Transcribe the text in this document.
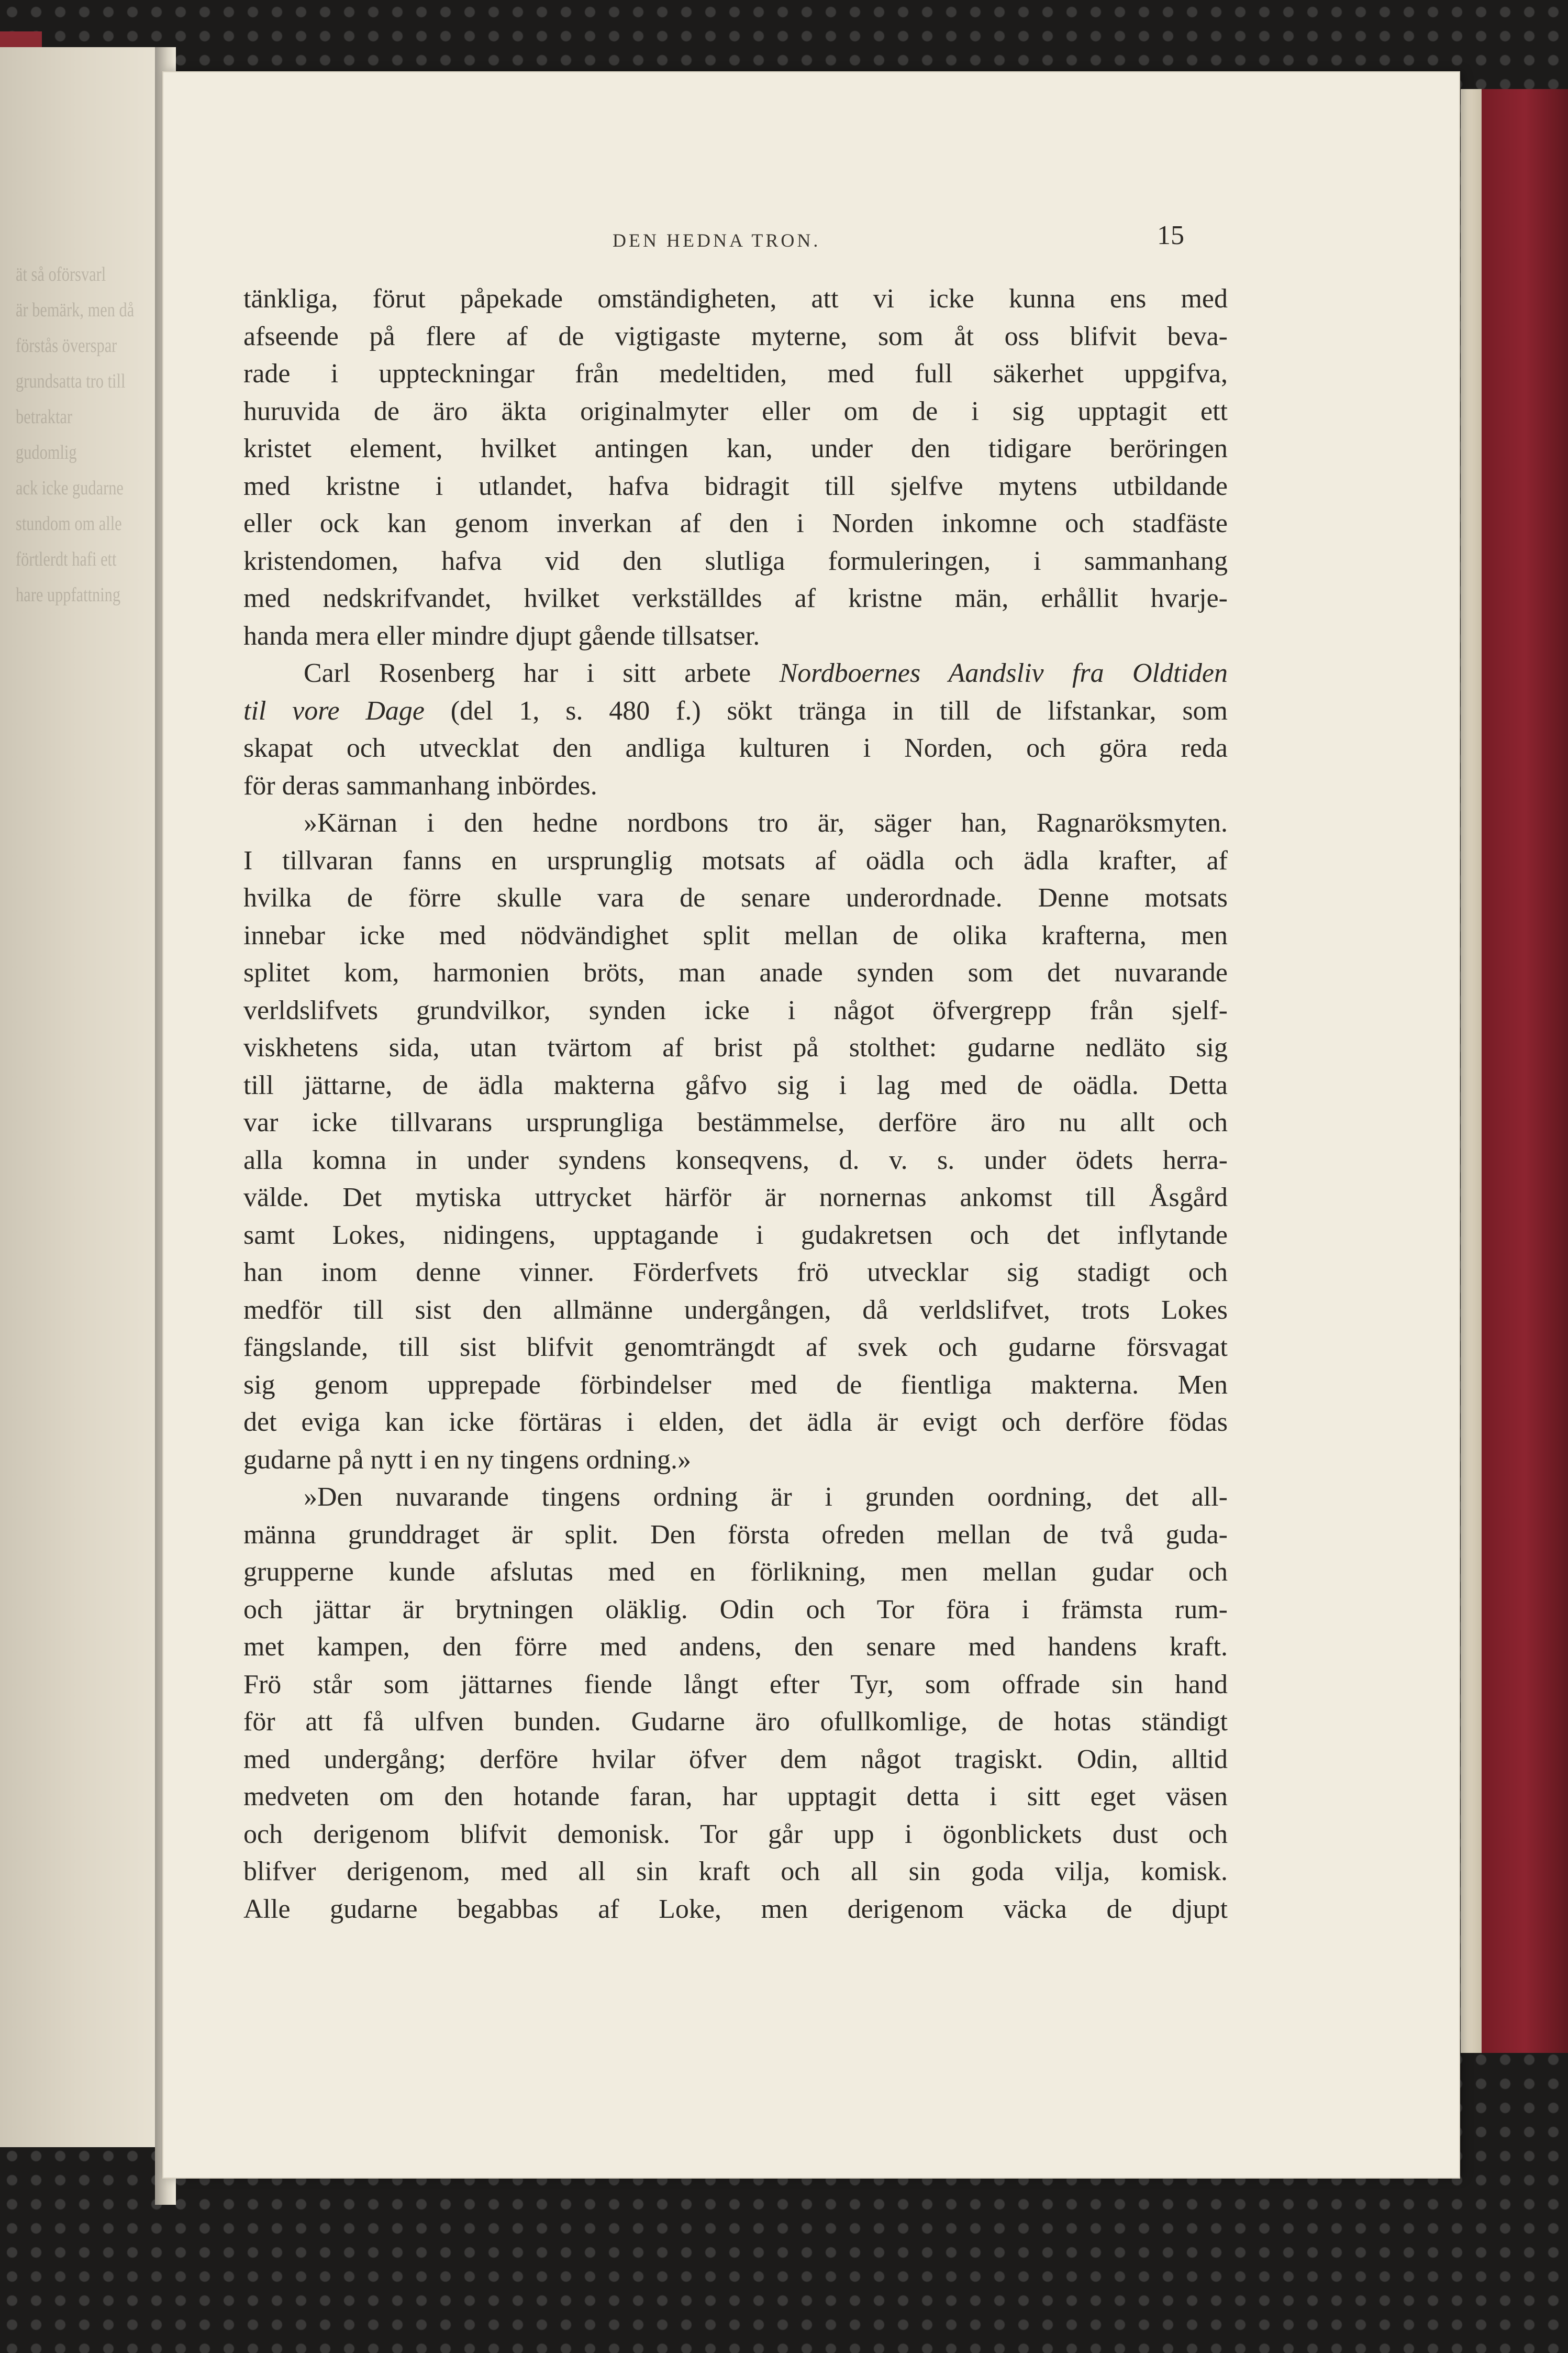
ät så oförsvarl
är bemärk, men då
förstås överspar
grundsatta tro till
betraktar gudomlig
ack icke gudarne
stundom om alle
förtlerdt hafi ett
hare uppfattning
DEN HEDNA TRON.	15
tänkliga, förut påpekade omständigheten, att vi icke kunna ens med
afseende på flere af de vigtigaste myterne, som åt oss blifvit beva-
rade i uppteckningar från medeltiden, med full säkerhet uppgifva,
huruvida de äro äkta originalmyter eller om de i sig upptagit ett
kristet element, hvilket antingen kan, under den tidigare beröringen
med kristne i utlandet, hafva bidragit till sjelfve mytens utbildande
eller ock kan genom inverkan af den i Norden inkomne och stadfäste
kristendomen, hafva vid den slutliga formuleringen, i sammanhang
med nedskrifvandet, hvilket verkställdes af kristne män, erhållit hvarje-
handa mera eller mindre djupt gående tillsatser.
Carl Rosenberg har i sitt arbete Nordboernes Aandsliv fra Oldtiden
til vore Dage (del 1, s. 480 f.) sökt tränga in till de lifstankar, som
skapat och utvecklat den andliga kulturen i Norden, och göra reda
för deras sammanhang inbördes.
»Kärnan i den hedne nordbons tro är, säger han, Ragnaröksmyten.
I tillvaran fanns en ursprunglig motsats af oädla och ädla krafter, af
hvilka de förre skulle vara de senare underordnade. Denne motsats
innebar icke med nödvändighet split mellan de olika krafterna, men
splitet kom, harmonien bröts, man anade synden som det nuvarande
verldslifvets grundvilkor, synden icke i något öfvergrepp från sjelf-
viskhetens sida, utan tvärtom af brist på stolthet: gudarne nedläto sig
till jättarne, de ädla makterna gåfvo sig i lag med de oädla. Detta
var icke tillvarans ursprungliga bestämmelse, derföre äro nu allt och
alla komna in under syndens konseqvens, d. v. s. under ödets herra-
välde. Det mytiska uttrycket härför är nornernas ankomst till Åsgård
samt Lokes, nidingens, upptagande i gudakretsen och det inflytande
han inom denne vinner. Förderfvets frö utvecklar sig stadigt och
medför till sist den allmänne undergången, då verldslifvet, trots Lokes
fängslande, till sist blifvit genomträngdt af svek och gudarne försvagat
sig genom upprepade förbindelser med de fientliga makterna. Men
det eviga kan icke förtäras i elden, det ädla är evigt och derföre födas
gudarne på nytt i en ny tingens ordning.»
»Den nuvarande tingens ordning är i grunden oordning, det all-
männa grunddraget är split. Den första ofreden mellan de två guda-
grupperne kunde afslutas med en förlikning, men mellan gudar och
och jättar är brytningen oläklig. Odin och Tor föra i främsta rum-
met kampen, den förre med andens, den senare med handens kraft.
Frö står som jättarnes fiende långt efter Tyr, som offrade sin hand
för att få ulfven bunden. Gudarne äro ofullkomlige, de hotas ständigt
med undergång; derföre hvilar öfver dem något tragiskt. Odin, alltid
medveten om den hotande faran, har upptagit detta i sitt eget väsen
och derigenom blifvit demonisk. Tor går upp i ögonblickets dust och
blifver derigenom, med all sin kraft och all sin goda vilja, komisk.
Alle gudarne begabbas af Loke, men derigenom väcka de djupt
